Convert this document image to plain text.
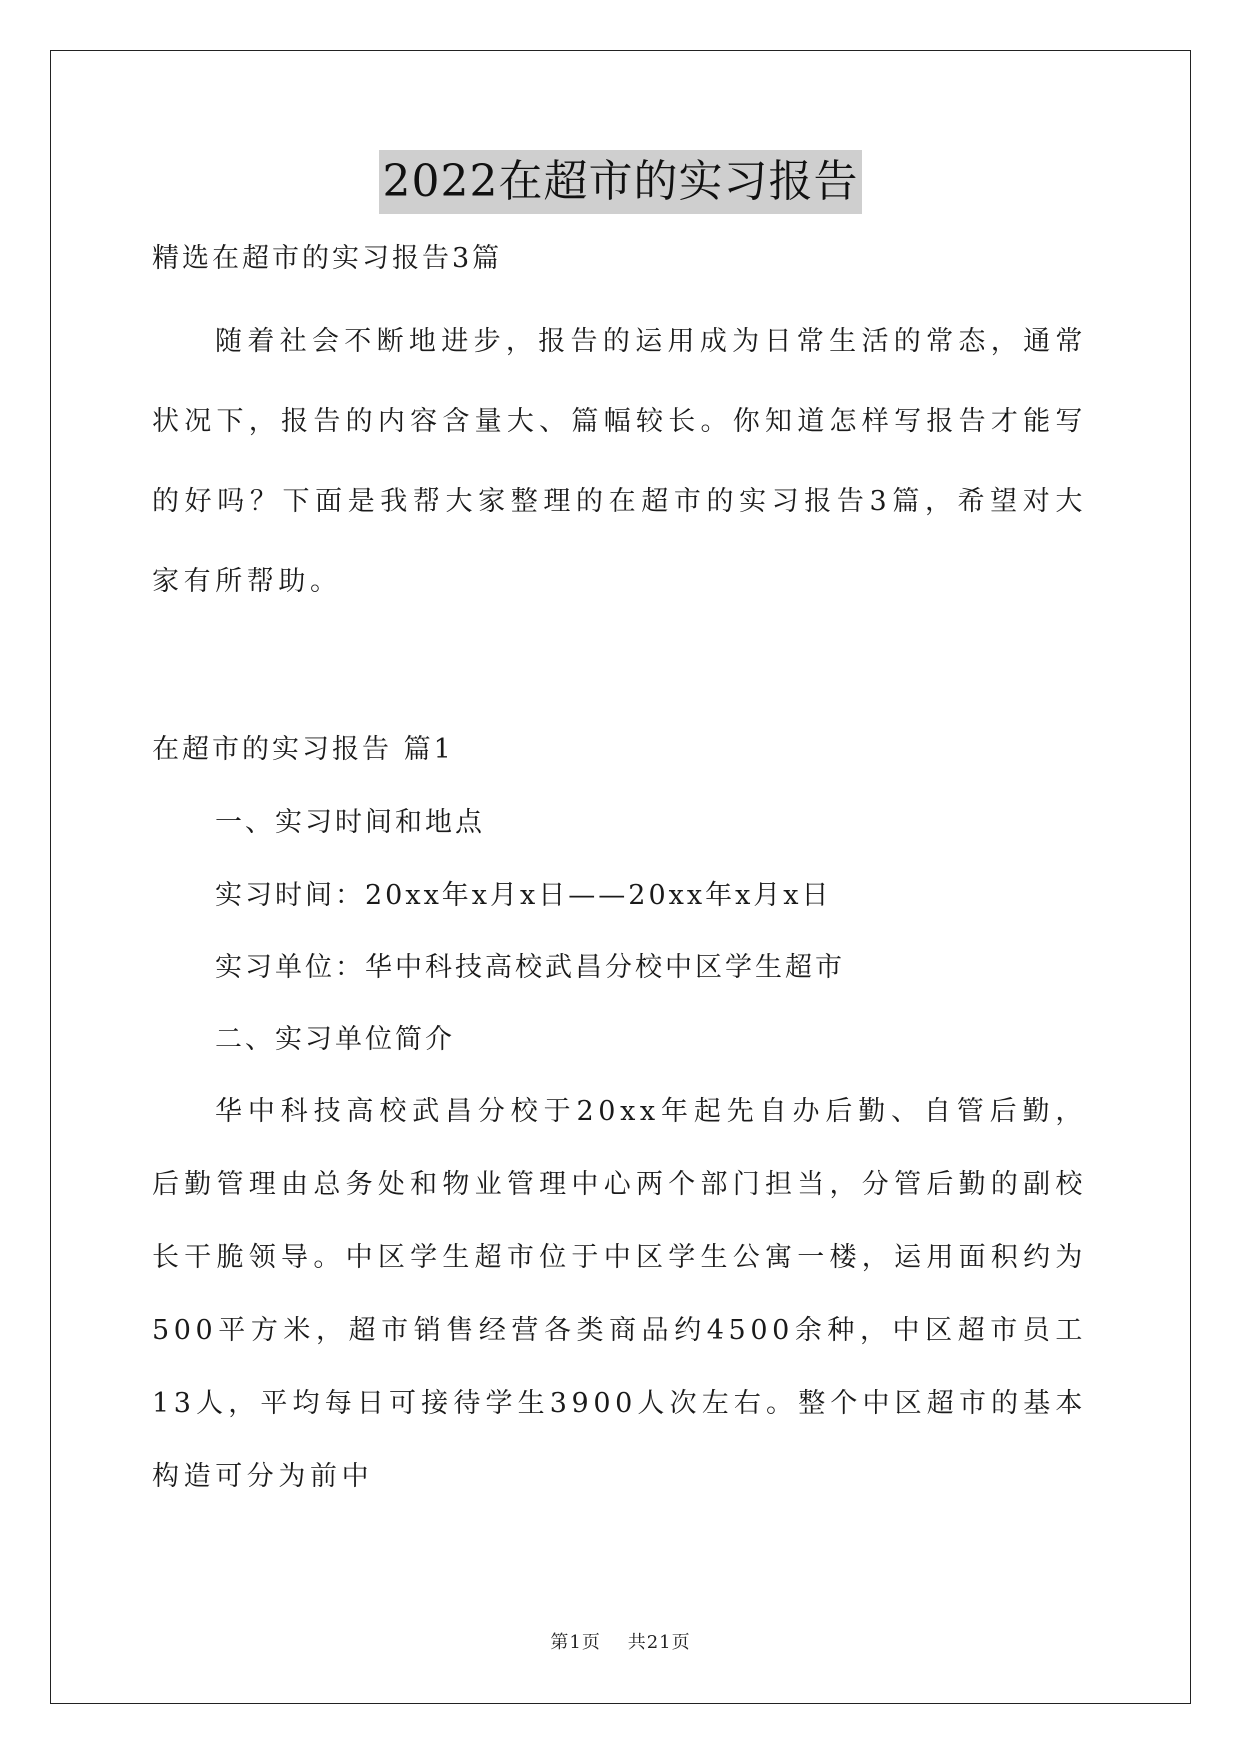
2022在超市的实习报告

精选在超市的实习报告3篇

随着社会不断地进步，报告的运用成为日常生活的常态，通常状况下，报告的内容含量大、篇幅较长。你知道怎样写报告才能写的好吗？下面是我帮大家整理的在超市的实习报告3篇，希望对大家有所帮助。

在超市的实习报告 篇1

一、实习时间和地点

实习时间：20xx年x月x日——20xx年x月x日

实习单位：华中科技高校武昌分校中区学生超市

二、实习单位简介

华中科技高校武昌分校于20xx年起先自办后勤、自管后勤，后勤管理由总务处和物业管理中心两个部门担当，分管后勤的副校长干脆领导。中区学生超市位于中区学生公寓一楼，运用面积约为500平方米，超市销售经营各类商品约4500余种，中区超市员工13人，平均每日可接待学生3900人次左右。整个中区超市的基本构造可分为前中

第1页    共21页
